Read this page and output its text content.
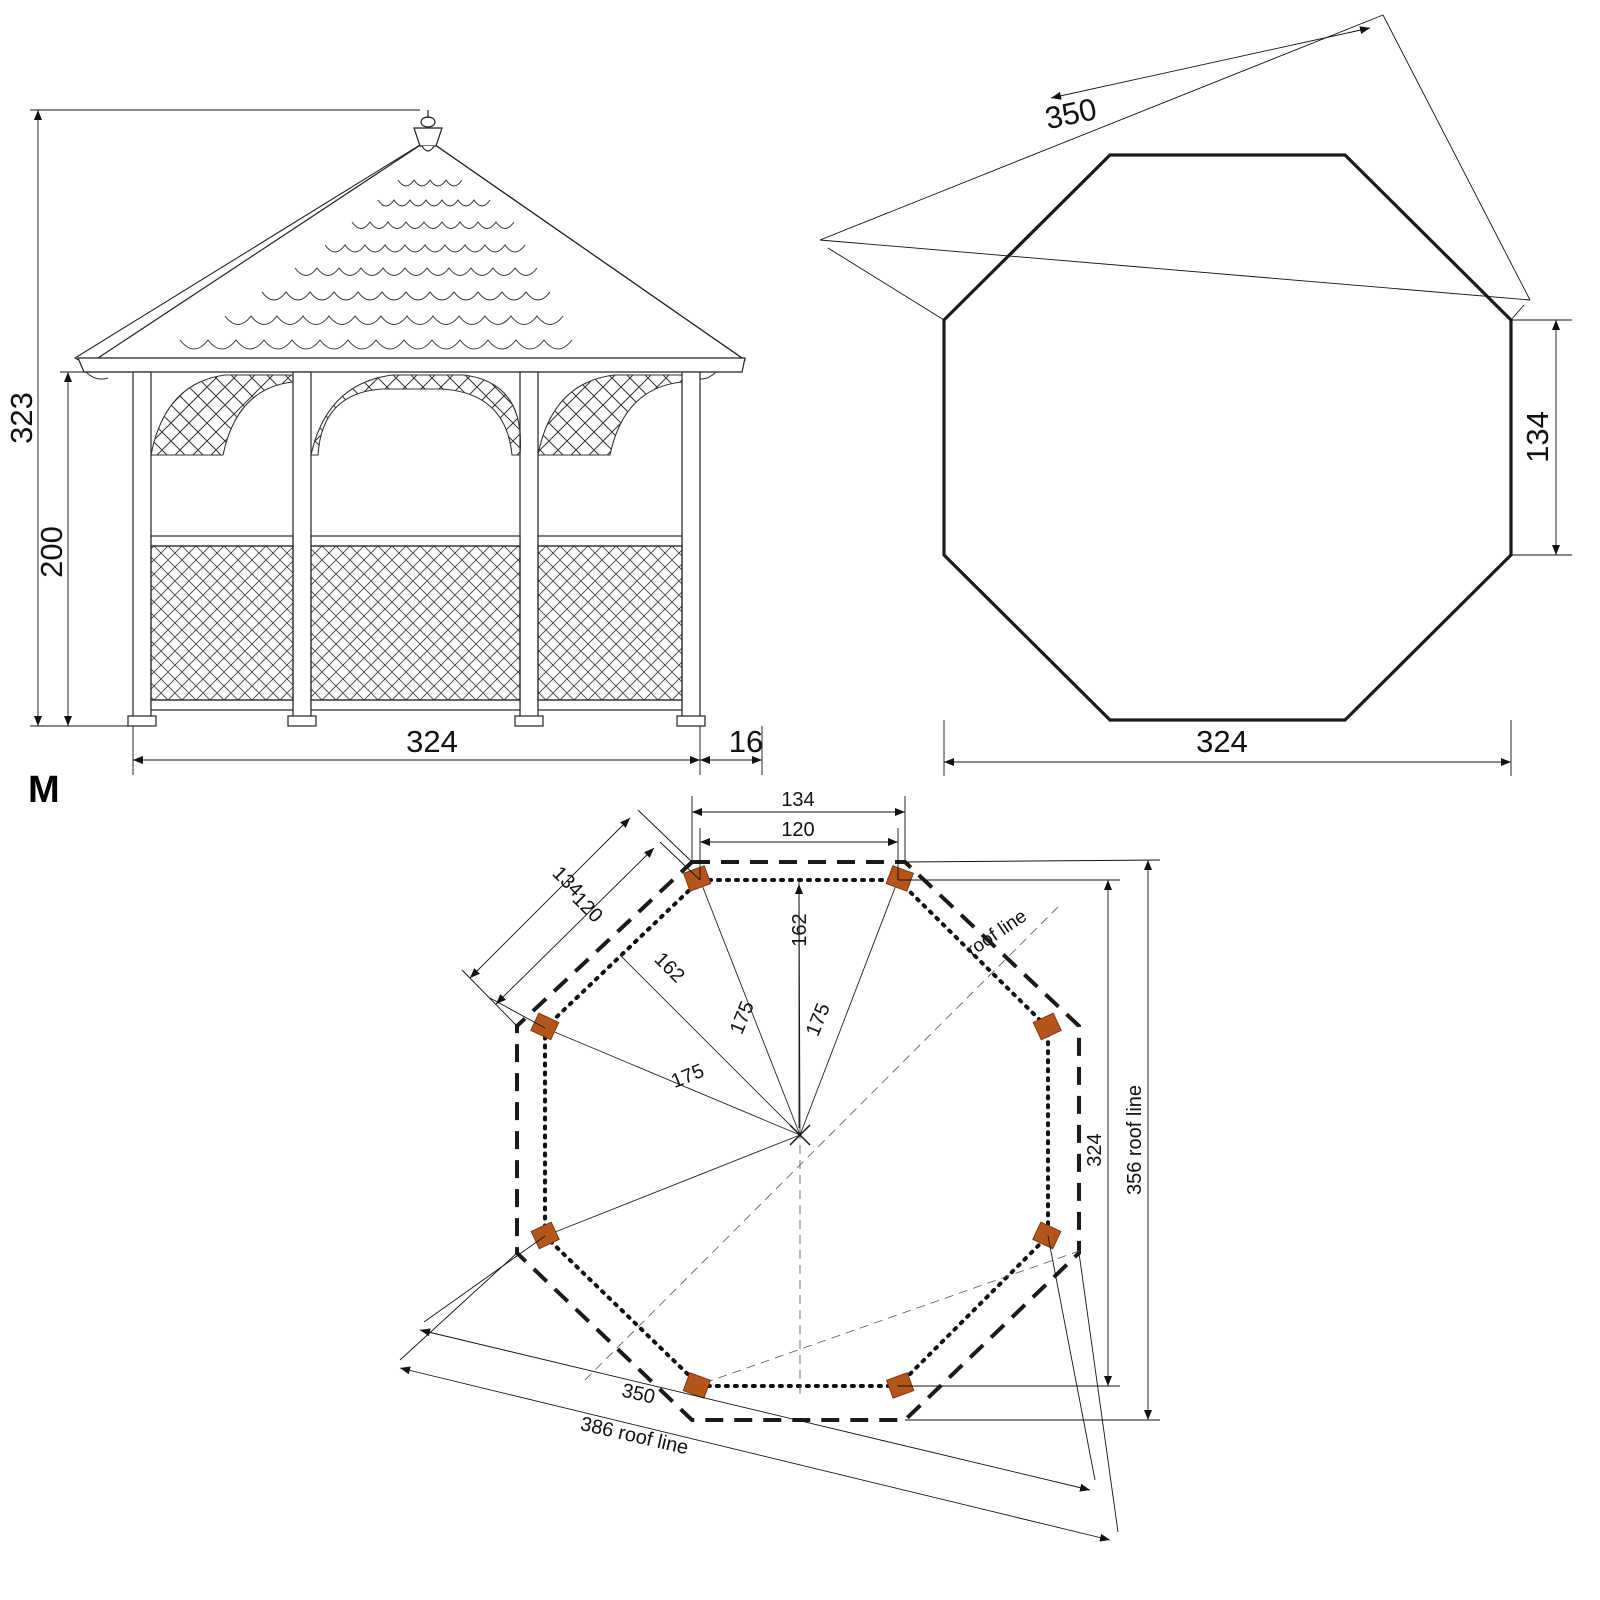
323
200
324	16
M
350
134
324
134
120
134
120
162
162
175 175
175
356 roof line
324
roof line
350
386 roof line
